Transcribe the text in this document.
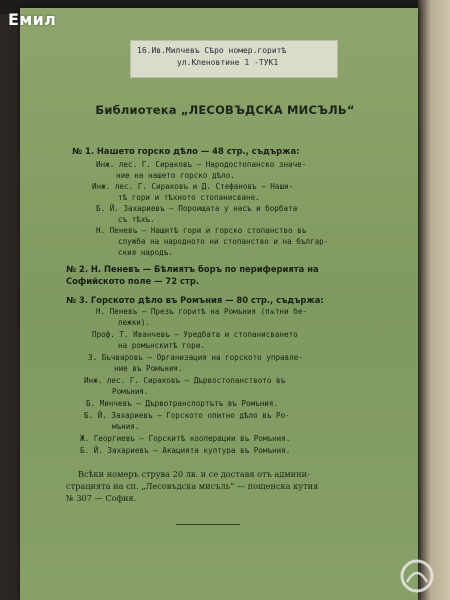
16.Ив.Милчевъ Сѣро номер.горитѣ
ул.Кленовтине 1 -ТУК1
Емил
Библиотека „ЛЕСОВЪДСКА МИСЪЛЬ“
№ 1. Нашето горско дѣло — 48 стр., съдържа:
Инж. лес. Г. Сираковъ — Народостопанско значе-
ние на нашето горско дѣло.
Инж. лес. Г. Сираковъ и Д. Стефановъ — Наши-
тѣ гори и тѣхното стопанисване.
Б. Й. Захариевъ — Пороищата у насъ и борбата
съ тѣхъ.
Н. Пеневъ — Нашитѣ гори и горско стопанство въ
служба на народното ни стопанство и на българ-
ския народъ.
№ 2. Н. Пеневъ — Бѣлиятъ боръ по периферията на
Софийското поле — 72 стр.
№ 3. Горското дѣло въ Ромъния — 80 стр., съдържа:
Н. Пеневъ — Презъ горитѣ на Ромъния (пѫтни бе-
лежки).
Проф. Т. Иванчевъ — Уредбата и стопанисването
на ромънскитѣ гори.
З. Бъчваровъ — Организация на горското управле-
ние въ Ромъния.
Инж. лес. Г. Сираковъ — Дървостопанството въ
Ромъния.
Б. Минчевъ — Дървотранспортътъ въ Ромъния.
Б. Й. Захариевъ — Горското опитно дѣло въ Ро-
мъния.
Ж. Георгиевъ — Горскитѣ кооперации въ Ромъния.
Б. Й. Захариевъ — Акацията култура въ Ромъния.
Всѣки номеръ струва 20 лв. и се доставя отъ админи-
страцията на сп. „Лесовъдска мисъль“ — пощенска кутия
№ 307 — София.
